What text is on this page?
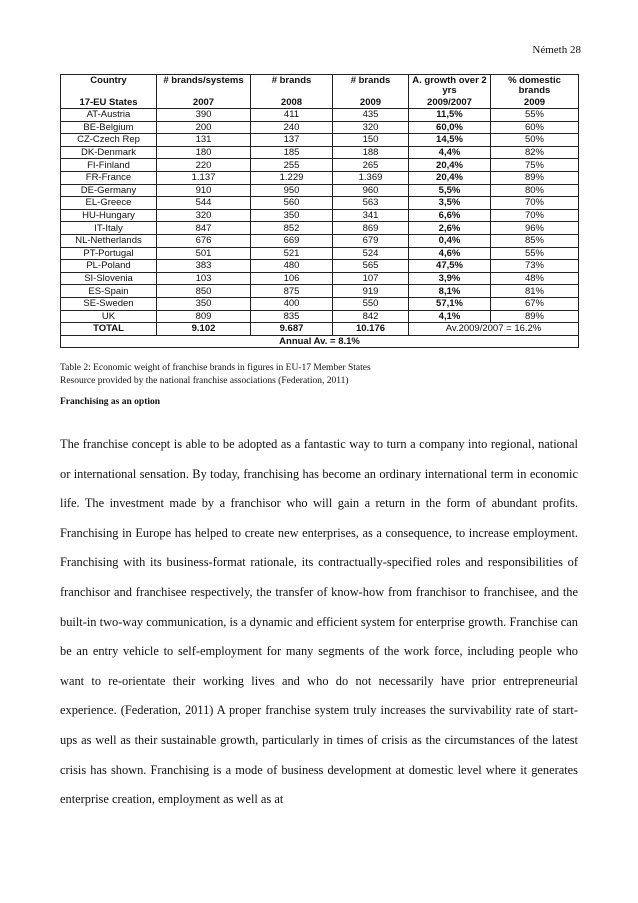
Németh 28
Country	# brands/systems	# brands	# brands	A. growth over 2 yrs	% domestic brands
17-EU States	2007	2008	2009	2009/2007	2009
AT-Austria	390	411	435	11,5%	55%
BE-Belgium	200	240	320	60,0%	60%
CZ-Czech Rep	131	137	150	14,5%	50%
DK-Denmark	180	185	188	4,4%	82%
FI-Finland	220	255	265	20,4%	75%
FR-France	1.137	1.229	1.369	20,4%	89%
DE-Germany	910	950	960	5,5%	80%
EL-Greece	544	560	563	3,5%	70%
HU-Hungary	320	350	341	6,6%	70%
IT-Italy	847	852	869	2,6%	96%
NL-Netherlands	676	669	679	0,4%	85%
PT-Portugal	501	521	524	4,6%	55%
PL-Poland	383	480	565	47,5%	73%
SI-Slovenia	103	106	107	3,9%	48%
ES-Spain	850	875	919	8,1%	81%
SE-Sweden	350	400	550	57,1%	67%
UK	809	835	842	4,1%	89%
TOTAL	9.102	9.687	10.176	Av.2009/2007 = 16.2%	
Annual Av. = 8.1%					
Table 2: Economic weight of franchise brands in figures in EU-17 Member States
Resource provided by the national franchise associations (Federation, 2011)
Franchising as an option

The franchise concept is able to be adopted as a fantastic way to turn a company into regional, national or international sensation. By today, franchising has become an ordinary international term in economic life. The investment made by a franchisor who will gain a return in the form of abundant profits. Franchising in Europe has helped to create new enterprises, as a consequence, to increase employment. Franchising with its business-format rationale, its contractually-specified roles and responsibilities of franchisor and franchisee respectively, the transfer of know-how from franchisor to franchisee, and the built-in two-way communication, is a dynamic and efficient system for enterprise growth. Franchise can be an entry vehicle to self-employment for many segments of the work force, including people who want to re-orientate their working lives and who do not necessarily have prior entrepreneurial experience. (Federation, 2011) A proper franchise system truly increases the survivability rate of start-ups as well as their sustainable growth, particularly in times of crisis as the circumstances of the latest crisis has shown. Franchising is a mode of business development at domestic level where it generates enterprise creation, employment as well as at
